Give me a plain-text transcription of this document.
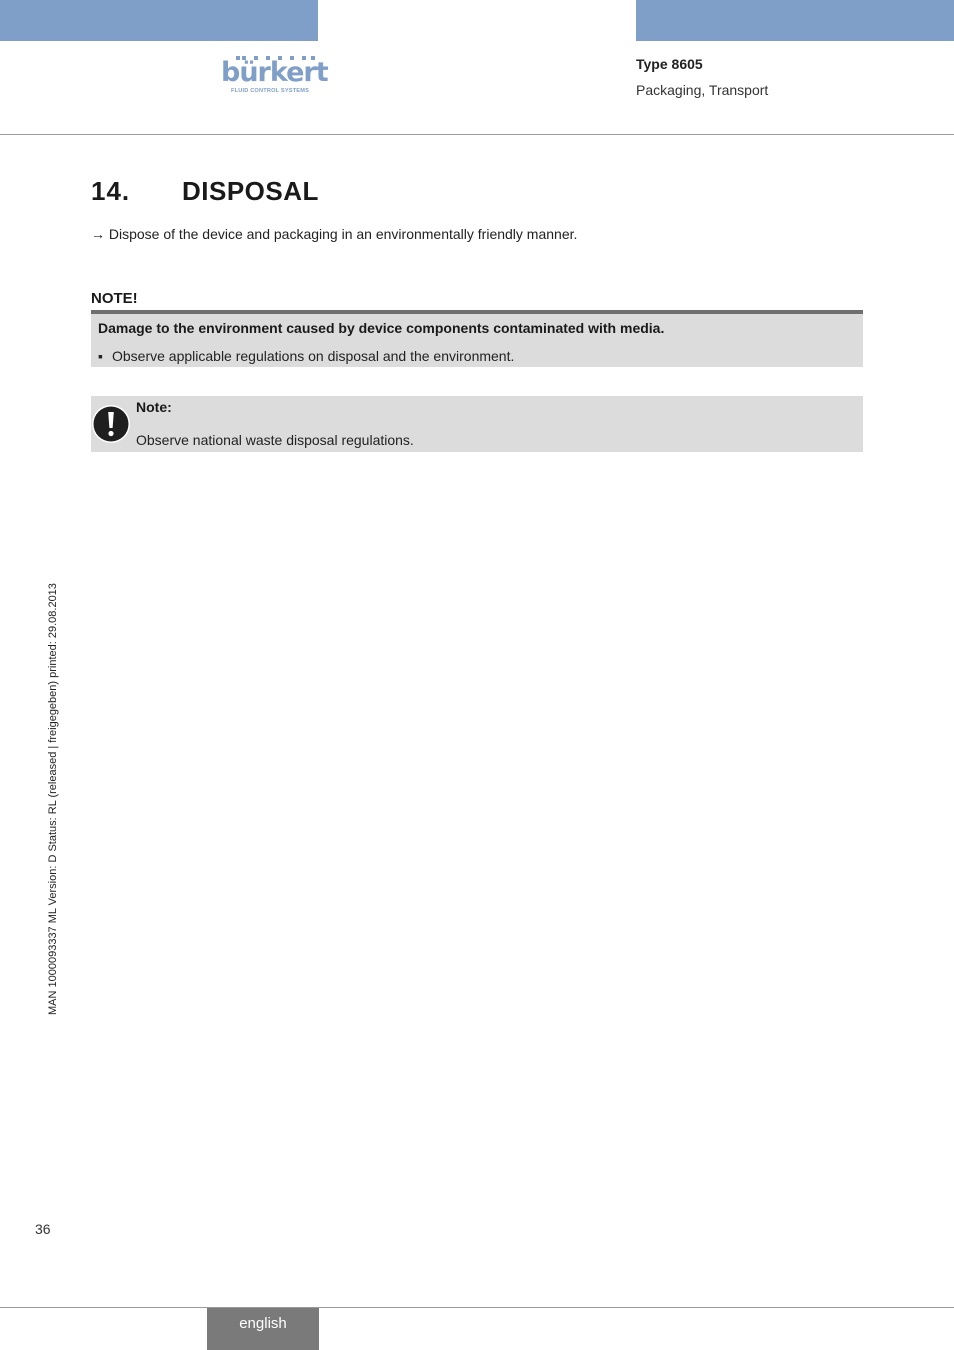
bürkert
FLUID CONTROL SYSTEMS
Type 8605
Packaging, Transport
14. DISPOSAL
→ Dispose of the device and packaging in an environmentally friendly manner.
NOTE!
Damage to the environment caused by device components contaminated with media.
▪ Observe applicable regulations on disposal and the environment.
Note:
Observe national waste disposal regulations.
MAN 1000093337 ML Version: D Status: RL (released | freigegeben) printed: 29.08.2013
36
english
